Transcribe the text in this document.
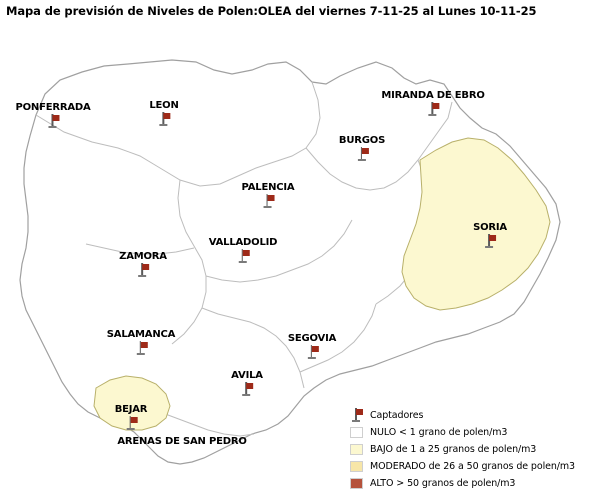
Mapa de previsión de Niveles de Polen:OLEA del viernes 7-11-25 al Lunes 10-11-25
PONFERRADA	LEON
MIRANDA DE EBRO
BURGOS
PALENCIA
SORIA
VALLADOLID
ZAMORA
SALAMANCA	SEGOVIA
AVILA
BEJAR
ARENAS DE SAN PEDRO
Captadores
NULO < 1 grano de polen/m3
BAJO de 1 a 25 granos de polen/m3
MODERADO de 26 a 50 granos de polen/m3
ALTO > 50 granos de polen/m3
